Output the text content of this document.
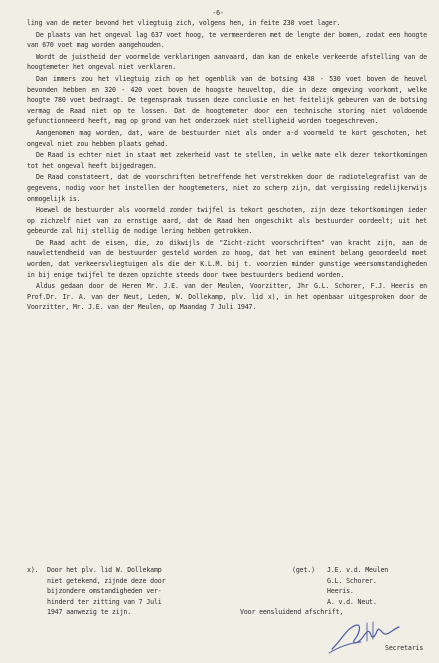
-6-

ling van de meter bevond het vliegtuig zich, volgens hen, in feite 230 voet lager.

De plaats van het ongeval lag 637 voet hoog, te vermeerderen met de lengte der bomen, zodat een hoogte van 670 voet mag worden aangehouden.

Wordt de juistheid der voormelde verklaringen aanvaard, dan kan de enkele verkeerde afstelling van de hoogtemeter het ongeval niet verklaren.

Dan immers zou het vliegtuig zich op het ogenblik van de botsing 430 - 530 voet boven de heuvel bevonden hebben en 320 - 420 voet boven de hoogste heuveltop, die in deze omgeving voorkomt, welke hoogte 780 voet bedraagt. De tegenspraak tussen deze conclusie en het feitelijk gebeuren van de botsing vermag de Raad niet op te lossen. Dat de hoogtemeter door een technische storing niet voldoende gefunctionneerd heeft, mag op grond van het onderzoek niet stelligheid worden toegeschreven.

Aangenomen mag worden, dat, ware de bestuurder niet als onder a-d voormeld te kort geschoten, het ongeval niet zou hebben plaats gehad.

De Raad is echter niet in staat met zekerheid vast te stellen, in welke mate elk dezer tekortkomingen tot het ongeval heeft bijgedragen.

De Raad constateert, dat de voorschriften betreffende het verstrekken door de radiotelegrafist van de gegevens, nodig voor het instellen der hoogtemeters, niet zo scherp zijn, dat vergissing redelijkerwijs onmogelijk is.

Hoewel de bestuurder als voormeld zonder twijfel is tekort geschoten, zijn deze tekortkomingen ieder op zichzelf niet van zo ernstige aard, dat de Raad hen ongeschikt als bestuurder oordeelt; uit het gebeurde zal hij stellig de nodige lering hebben getrokken.

De Raad acht de eisen, die, zo dikwijls de "Zicht-zicht voorschriften" van kracht zijn, aan de nauwlettendheid van de bestuurder gesteld worden zo hoog, dat het van eminent belang geoordeeld moet worden, dat verkeersvliegtuigen als die der K.L.M. bij t. voorzien minder gunstige weersomstandigheden in bij enige twijfel te dezen opzichte steeds door twee bestuurders bediend worden.

Aldus gedaan door de Heren Mr. J.E. van der Meulen, Voorzitter, Jhr G.L. Schorer, F.J. Heeris en Prof.Dr. Ir. A. van der Neut, Leden, W. Dollekamp, plv. lid x), in het openbaar uitgesproken door de Voorzitter, Mr. J.E. van der Meulen, op Maandag 7 Juli 1947.

x). Door het plv. lid W. Dollekamp
niet getekend, zijnde deze door
bijzondere omstandigheden ver-
hinderd ter zitting van 7 Juli
1947 aanwezig te zijn.
(get.) J.E. v.d. Meulen
G.L. Schorer.
Heeris.
A. v.d. Neut.
Voor eensluidend afschrift,
Secretaris
